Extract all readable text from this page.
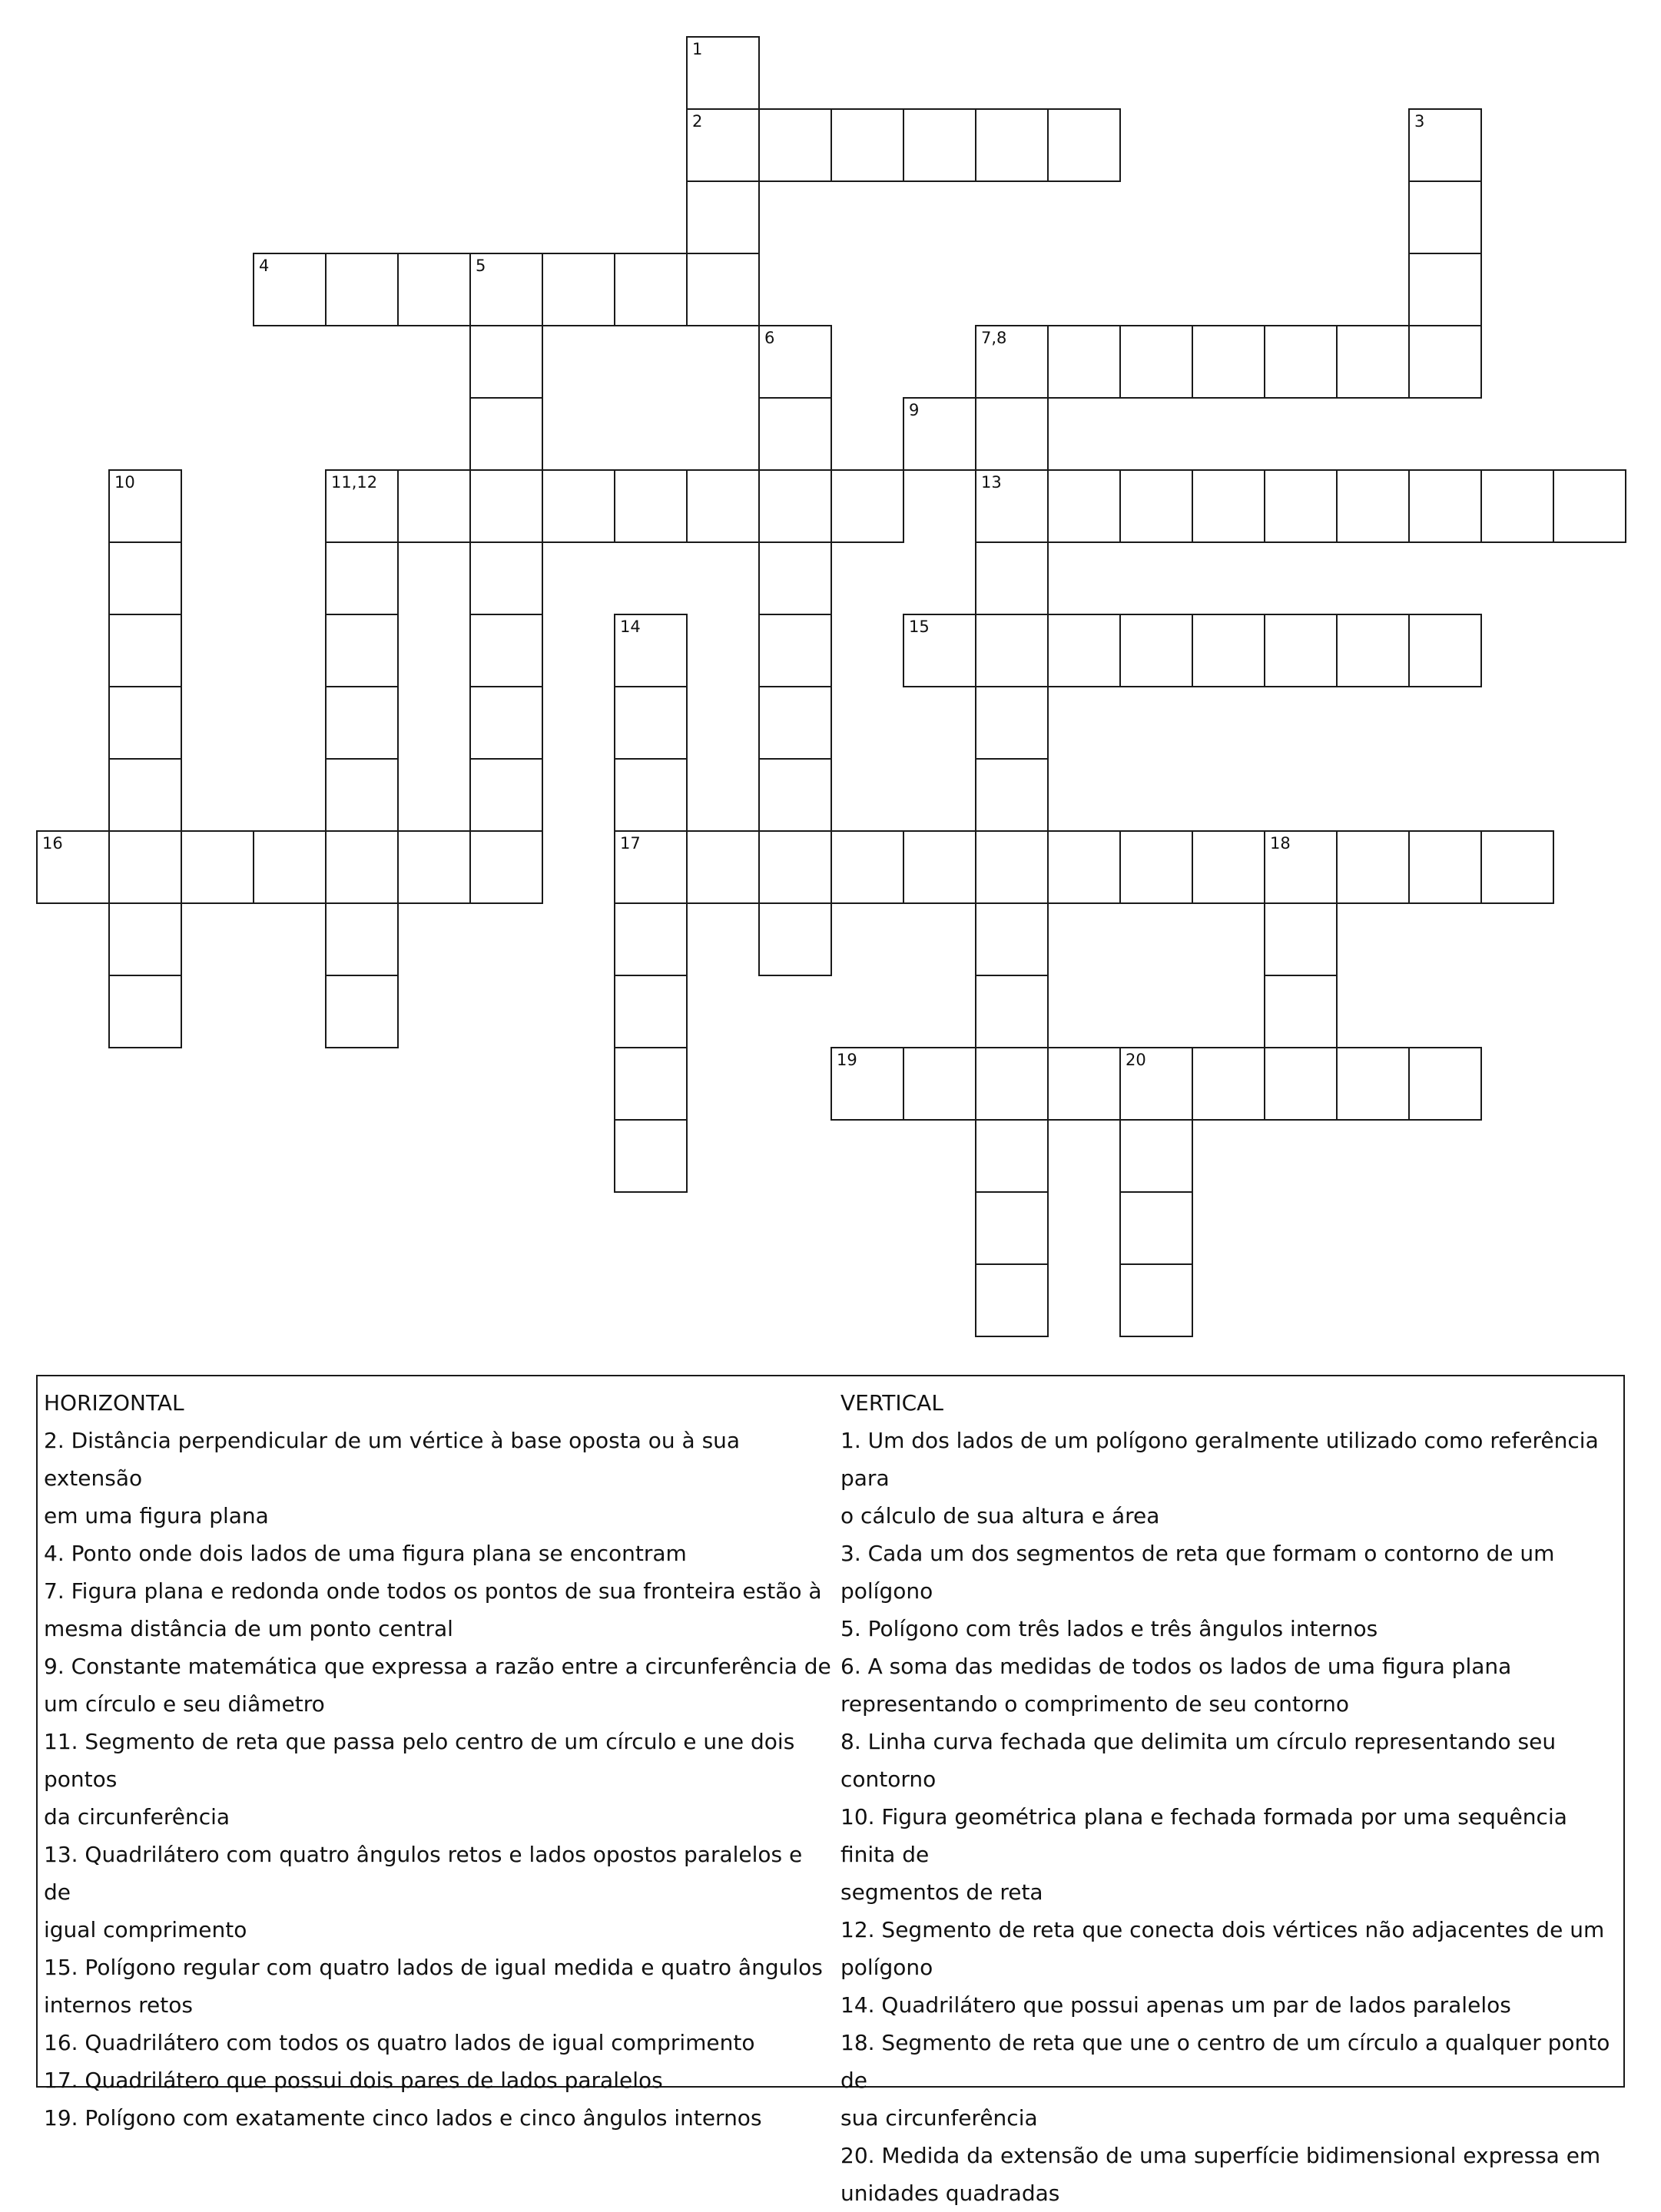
1
2	3
4	5
6	7,8
9
10	11,12	13
14
17
15
16	18
19	20
HORIZONTAL
2. Distância perpendicular de um vértice à base oposta ou à sua extensão
em uma figura plana
4. Ponto onde dois lados de uma figura plana se encontram
7. Figura plana e redonda onde todos os pontos de sua fronteira estão à
mesma distância de um ponto central
9. Constante matemática que expressa a razão entre a circunferência de
um círculo e seu diâmetro
11. Segmento de reta que passa pelo centro de um círculo e une dois pontos
da circunferência
13. Quadrilátero com quatro ângulos retos e lados opostos paralelos e de
igual comprimento
15. Polígono regular com quatro lados de igual medida e quatro ângulos
internos retos
16. Quadrilátero com todos os quatro lados de igual comprimento
17. Quadrilátero que possui dois pares de lados paralelos
19. Polígono com exatamente cinco lados e cinco ângulos internos
VERTICAL
1. Um dos lados de um polígono geralmente utilizado como referência para
o cálculo de sua altura e área
3. Cada um dos segmentos de reta que formam o contorno de um polígono
5. Polígono com três lados e três ângulos internos
6. A soma das medidas de todos os lados de uma figura plana
representando o comprimento de seu contorno
8. Linha curva fechada que delimita um círculo representando seu contorno
10. Figura geométrica plana e fechada formada por uma sequência finita de
segmentos de reta
12. Segmento de reta que conecta dois vértices não adjacentes de um
polígono
14. Quadrilátero que possui apenas um par de lados paralelos
18. Segmento de reta que une o centro de um círculo a qualquer ponto de
sua circunferência
20. Medida da extensão de uma superfície bidimensional expressa em
unidades quadradas
